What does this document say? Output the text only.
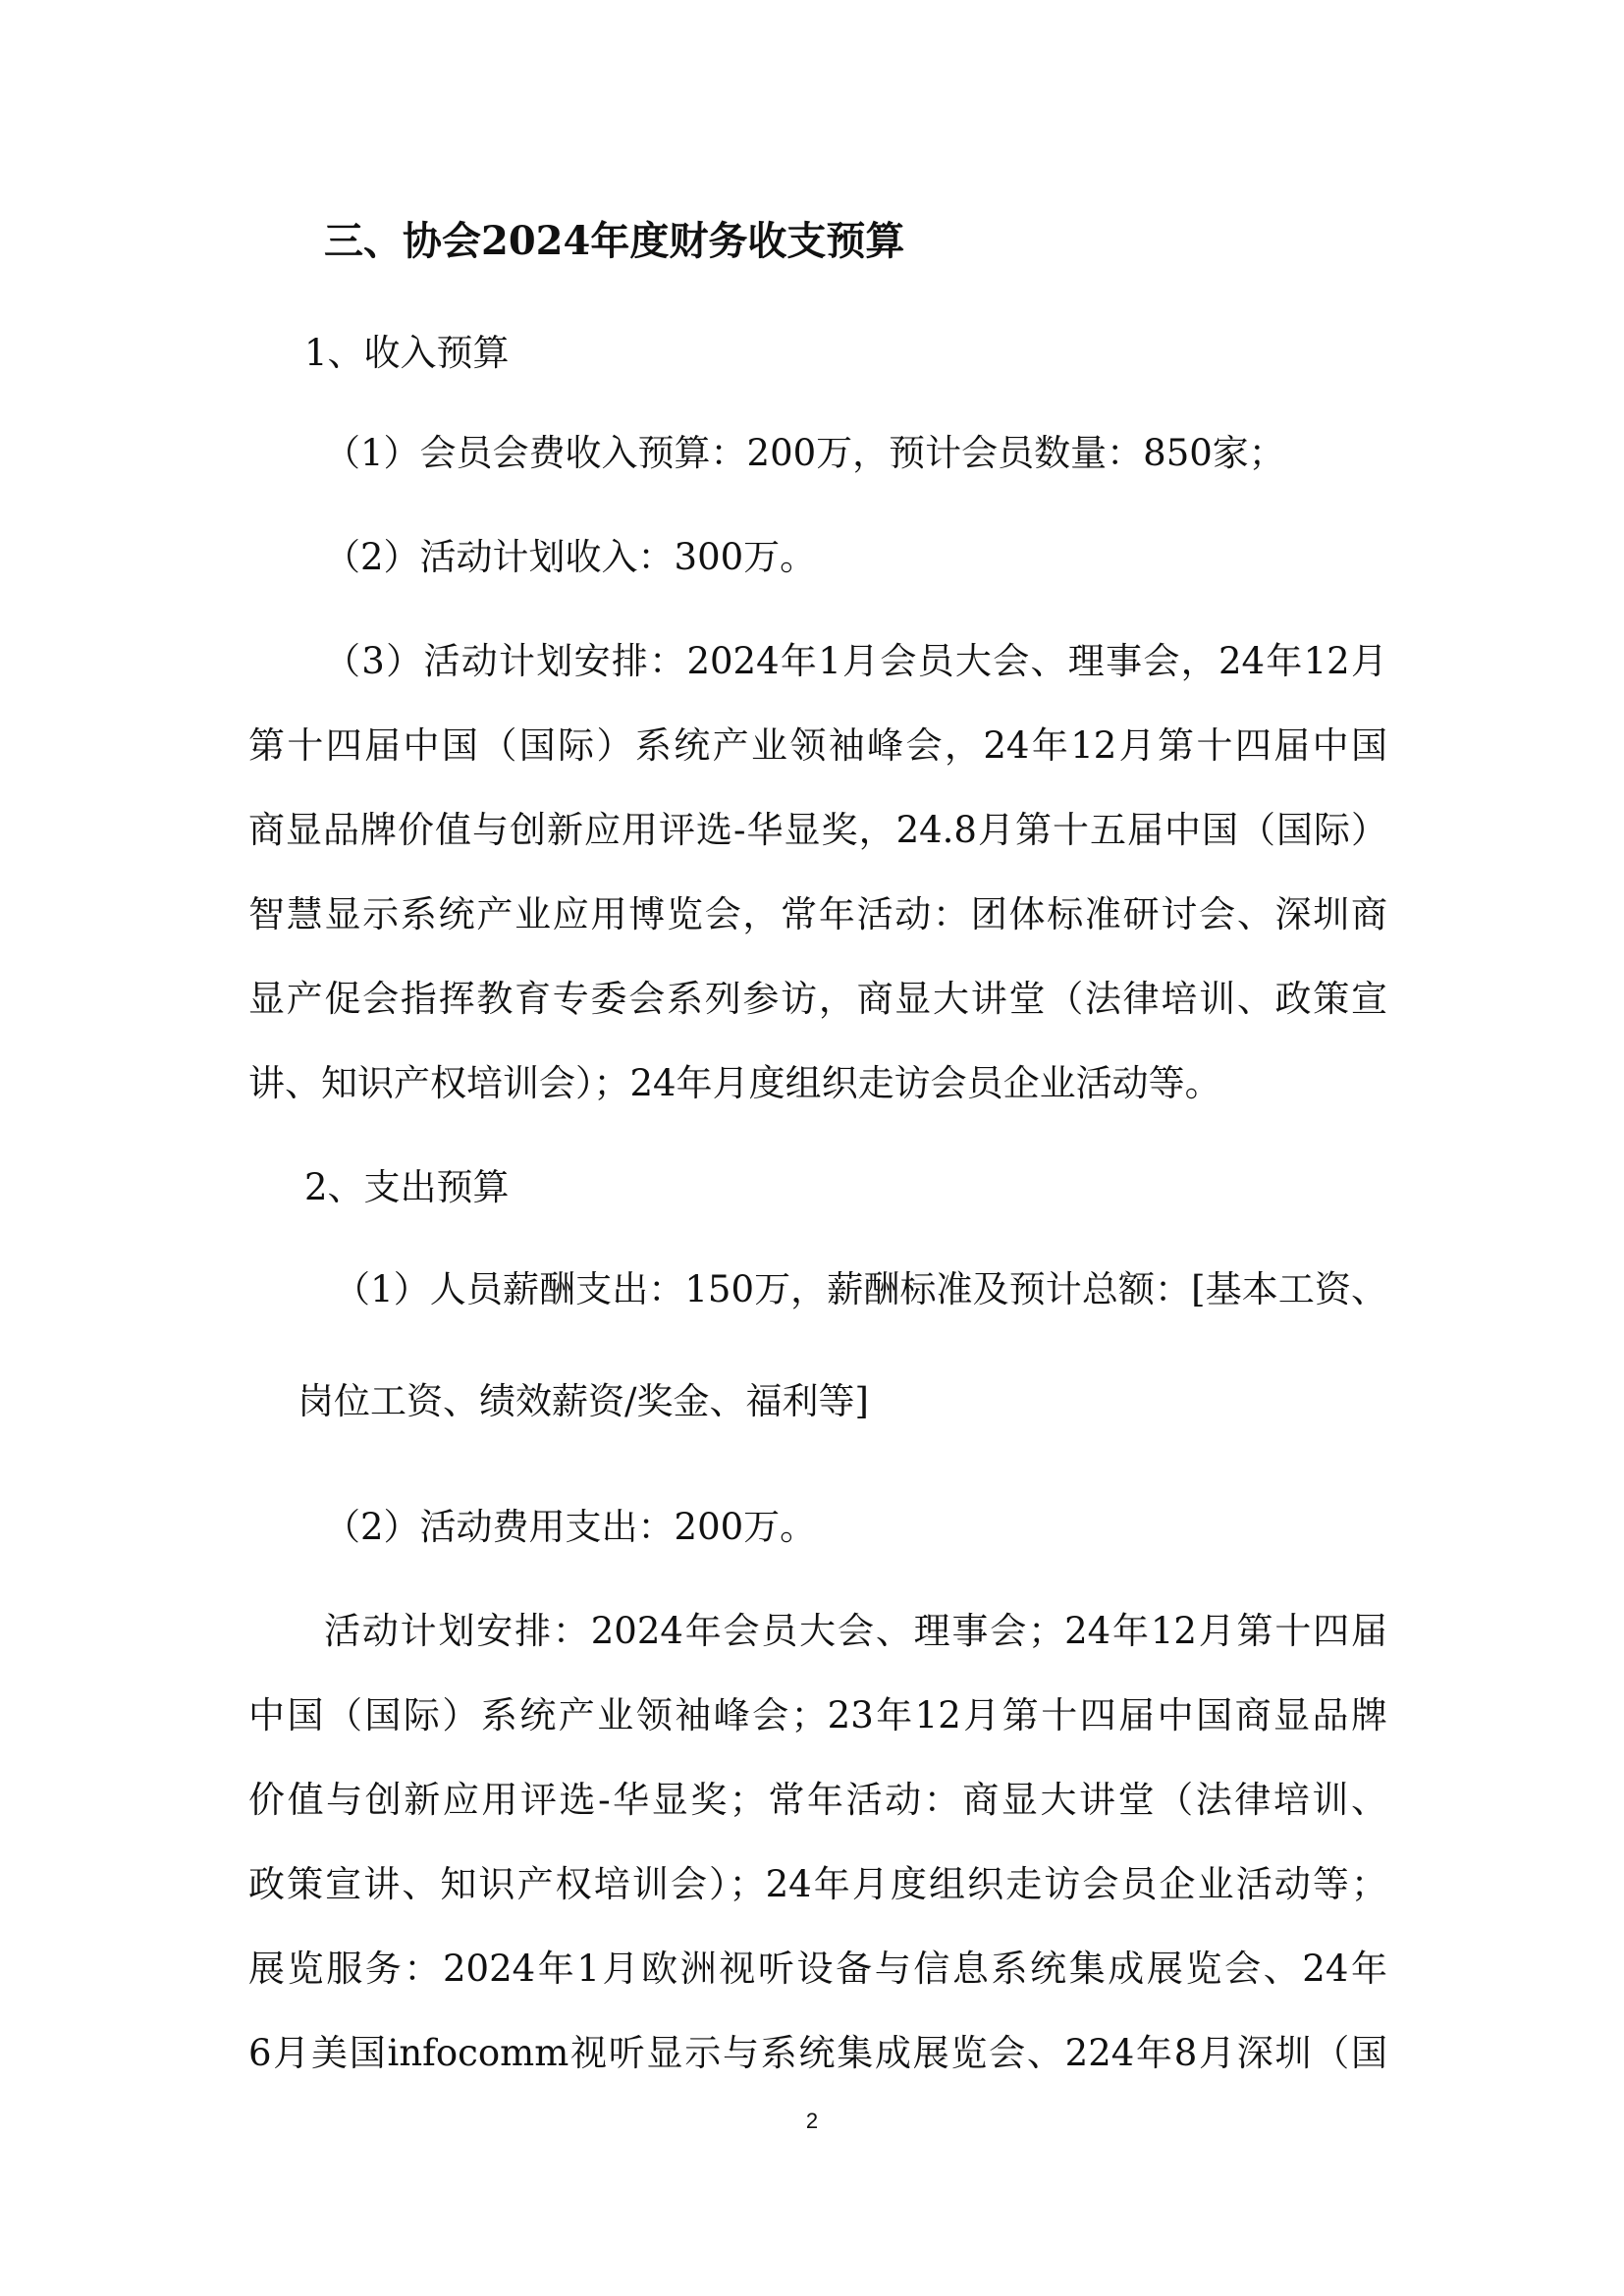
三、协会2024年度财务收支预算
1、收入预算
（1）会员会费收入预算：200万，预计会员数量：850家；
（2）活动计划收入：300万。
（3）活动计划安排：2024年1月会员大会、理事会，24年12月
第十四届中国（国际）系统产业领袖峰会，24年12月第十四届中国
商显品牌价值与创新应用评选-华显奖，24.8月第十五届中国（国际）
智慧显示系统产业应用博览会，常年活动：团体标准研讨会、深圳商
显产促会指挥教育专委会系列参访，商显大讲堂（法律培训、政策宣
讲、知识产权培训会）；24年月度组织走访会员企业活动等。
2、支出预算
（1）人员薪酬支出：150万，薪酬标准及预计总额：[基本工资、
岗位工资、绩效薪资/奖金、福利等]
（2）活动费用支出：200万。
活动计划安排：2024年会员大会、理事会；24年12月第十四届
中国（国际）系统产业领袖峰会；23年12月第十四届中国商显品牌
价值与创新应用评选-华显奖；常年活动：商显大讲堂（法律培训、
政策宣讲、知识产权培训会）；24年月度组织走访会员企业活动等；
展览服务：2024年1月欧洲视听设备与信息系统集成展览会、24年
6月美国infocomm视听显示与系统集成展览会、224年8月深圳（国
2
